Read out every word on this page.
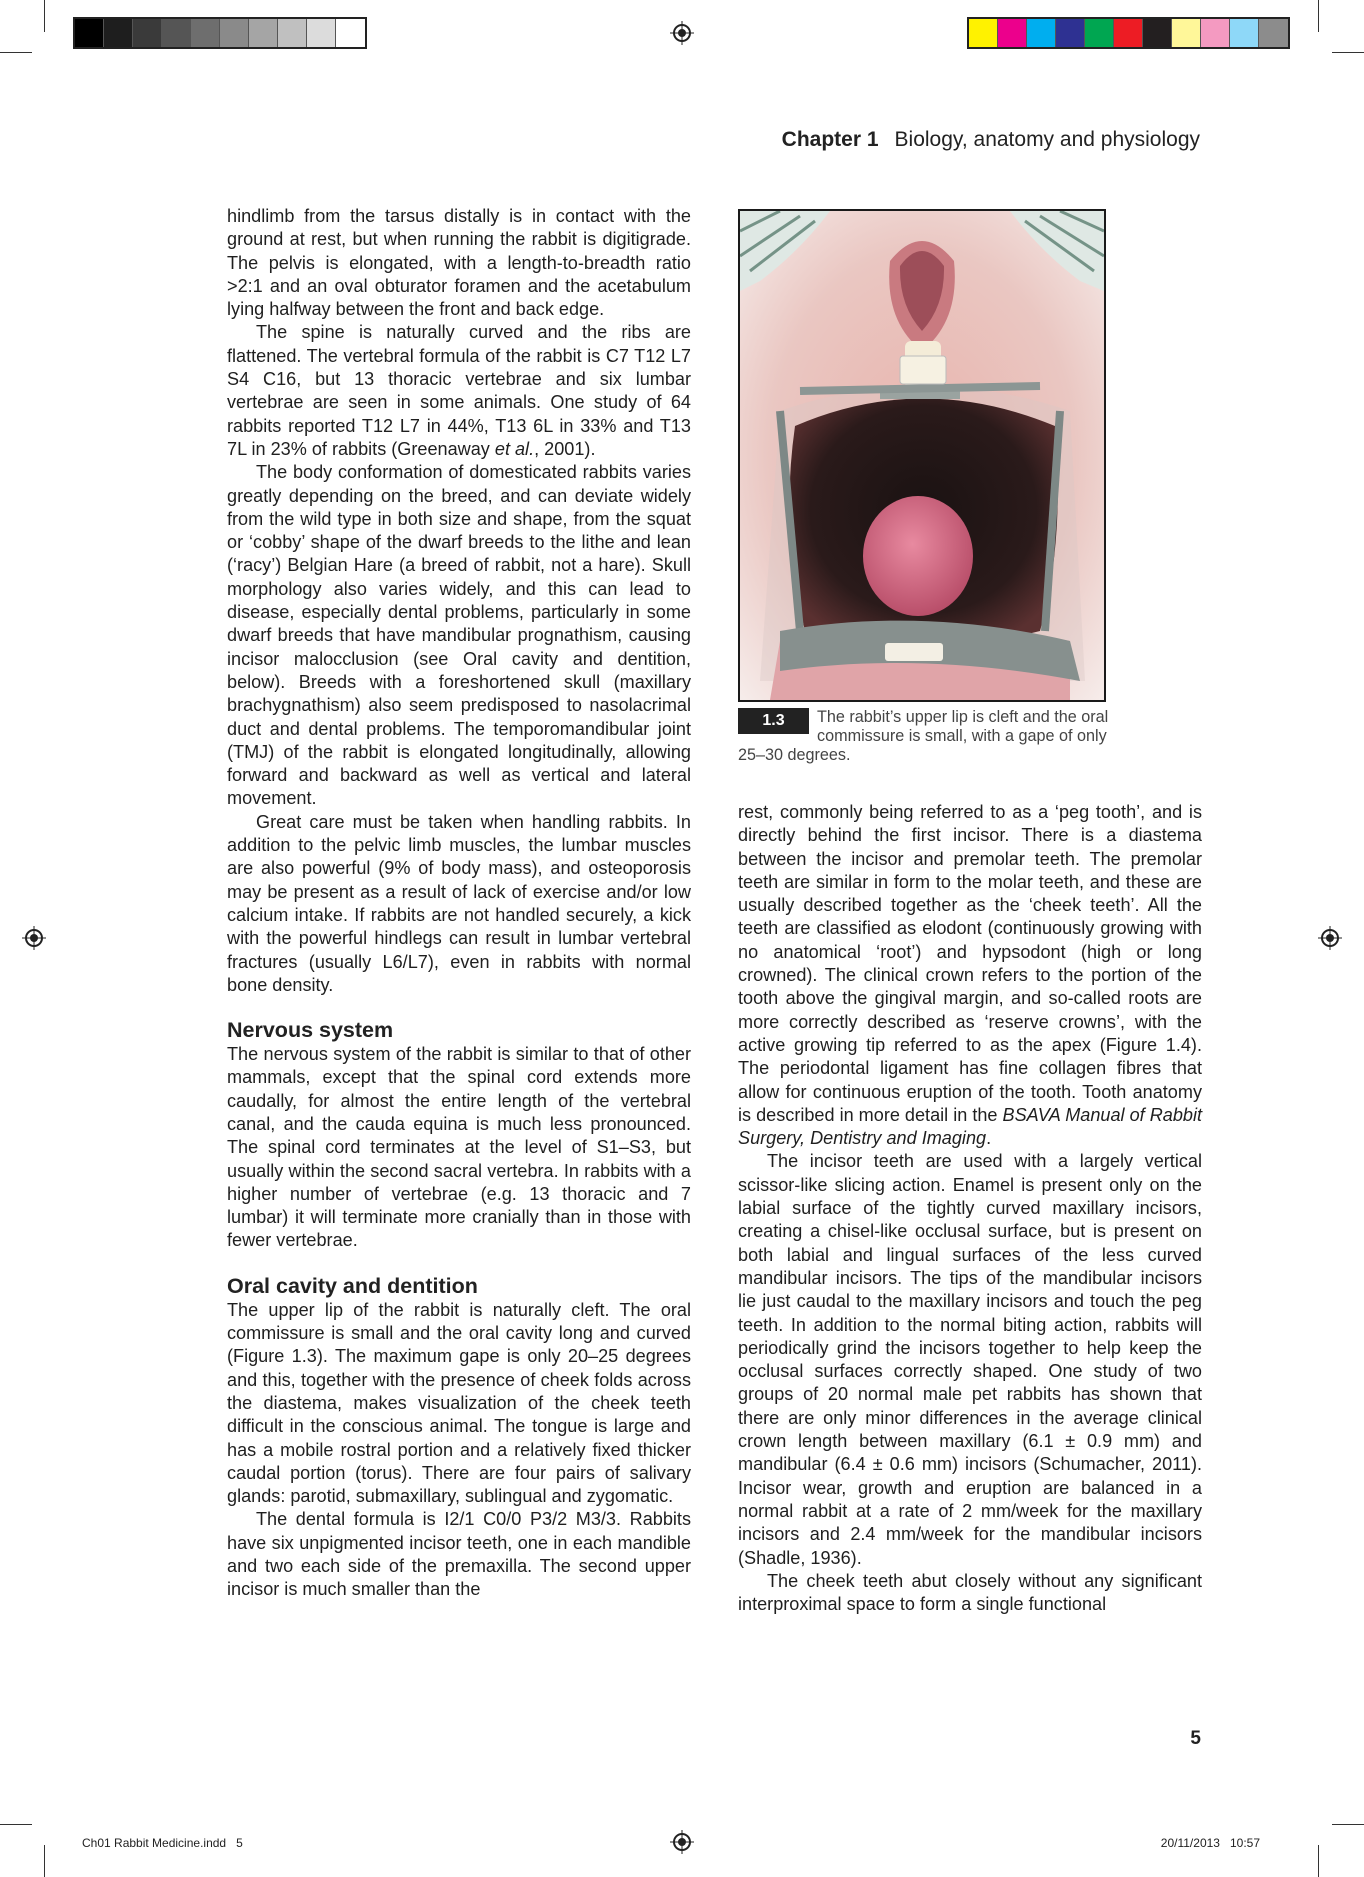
Chapter 1 Biology, anatomy and physiology

hindlimb from the tarsus distally is in contact with the ground at rest, but when running the rabbit is digitigrade. The pelvis is elongated, with a length-to-breadth ratio >2:1 and an oval obturator foramen and the acetabulum lying halfway between the front and back edge.

The spine is naturally curved and the ribs are flattened. The vertebral formula of the rabbit is C7 T12 L7 S4 C16, but 13 thoracic vertebrae and six lumbar vertebrae are seen in some animals. One study of 64 rabbits reported T12 L7 in 44%, T13 6L in 33% and T13 7L in 23% of rabbits (Greenaway et al., 2001).

The body conformation of domesticated rabbits varies greatly depending on the breed, and can deviate widely from the wild type in both size and shape, from the squat or ‘cobby’ shape of the dwarf breeds to the lithe and lean (‘racy’) Belgian Hare (a breed of rabbit, not a hare). Skull morphology also varies widely, and this can lead to disease, especially dental problems, particularly in some dwarf breeds that have mandibular prognathism, causing incisor malocclusion (see Oral cavity and dentition, below). Breeds with a foreshortened skull (maxillary brachygnathism) also seem predisposed to nasolacrimal duct and dental problems. The temporomandibular joint (TMJ) of the rabbit is elongated longitudinally, allowing forward and backward as well as vertical and lateral movement.

Great care must be taken when handling rabbits. In addition to the pelvic limb muscles, the lumbar muscles are also powerful (9% of body mass), and osteoporosis may be present as a result of lack of exercise and/or low calcium intake. If rabbits are not handled securely, a kick with the powerful hindlegs can result in lumbar vertebral fractures (usually L6/L7), even in rabbits with normal bone density.

Nervous system

The nervous system of the rabbit is similar to that of other mammals, except that the spinal cord extends more caudally, for almost the entire length of the vertebral canal, and the cauda equina is much less pronounced. The spinal cord terminates at the level of S1–S3, but usually within the second sacral vertebra. In rabbits with a higher number of vertebrae (e.g. 13 thoracic and 7 lumbar) it will terminate more cranially than in those with fewer vertebrae.

Oral cavity and dentition

The upper lip of the rabbit is naturally cleft. The oral commissure is small and the oral cavity long and curved (Figure 1.3). The maximum gape is only 20–25 degrees and this, together with the presence of cheek folds across the diastema, makes visualization of the cheek teeth difficult in the conscious animal. The tongue is large and has a mobile rostral portion and a relatively fixed thicker caudal portion (torus). There are four pairs of salivary glands: parotid, submaxillary, sublingual and zygomatic.

The dental formula is I2/1 C0/0 P3/2 M3/3. Rabbits have six unpigmented incisor teeth, one in each mandible and two each side of the premaxilla. The second upper incisor is much smaller than the

1.3 The rabbit’s upper lip is cleft and the oral commissure is small, with a gape of only
25–30 degrees.

rest, commonly being referred to as a ‘peg tooth’, and is directly behind the first incisor. There is a diastema between the incisor and premolar teeth. The premolar teeth are similar in form to the molar teeth, and these are usually described together as the ‘cheek teeth’. All the teeth are classified as elodont (continuously growing with no anatomical ‘root’) and hypsodont (high or long crowned). The clinical crown refers to the portion of the tooth above the gingival margin, and so-called roots are more correctly described as ‘reserve crowns’, with the active growing tip referred to as the apex (Figure 1.4). The periodontal ligament has fine collagen fibres that allow for continuous eruption of the tooth. Tooth anatomy is described in more detail in the BSAVA Manual of Rabbit Surgery, Dentistry and Imaging.

The incisor teeth are used with a largely vertical scissor-like slicing action. Enamel is present only on the labial surface of the tightly curved maxillary incisors, creating a chisel-like occlusal surface, but is present on both labial and lingual surfaces of the less curved mandibular incisors. The tips of the mandibular incisors lie just caudal to the maxillary incisors and touch the peg teeth. In addition to the normal biting action, rabbits will periodically grind the incisors together to help keep the occlusal surfaces correctly shaped. One study of two groups of 20 normal male pet rabbits has shown that there are only minor differences in the average clinical crown length between maxillary (6.1 ± 0.9 mm) and mandibular (6.4 ± 0.6 mm) incisors (Schumacher, 2011). Incisor wear, growth and eruption are balanced in a normal rabbit at a rate of 2 mm/week for the maxillary incisors and 2.4 mm/week for the mandibular incisors (Shadle, 1936).

The cheek teeth abut closely without any significant interproximal space to form a single functional

5
Ch01 Rabbit Medicine.indd   5	20/11/2013   10:57
